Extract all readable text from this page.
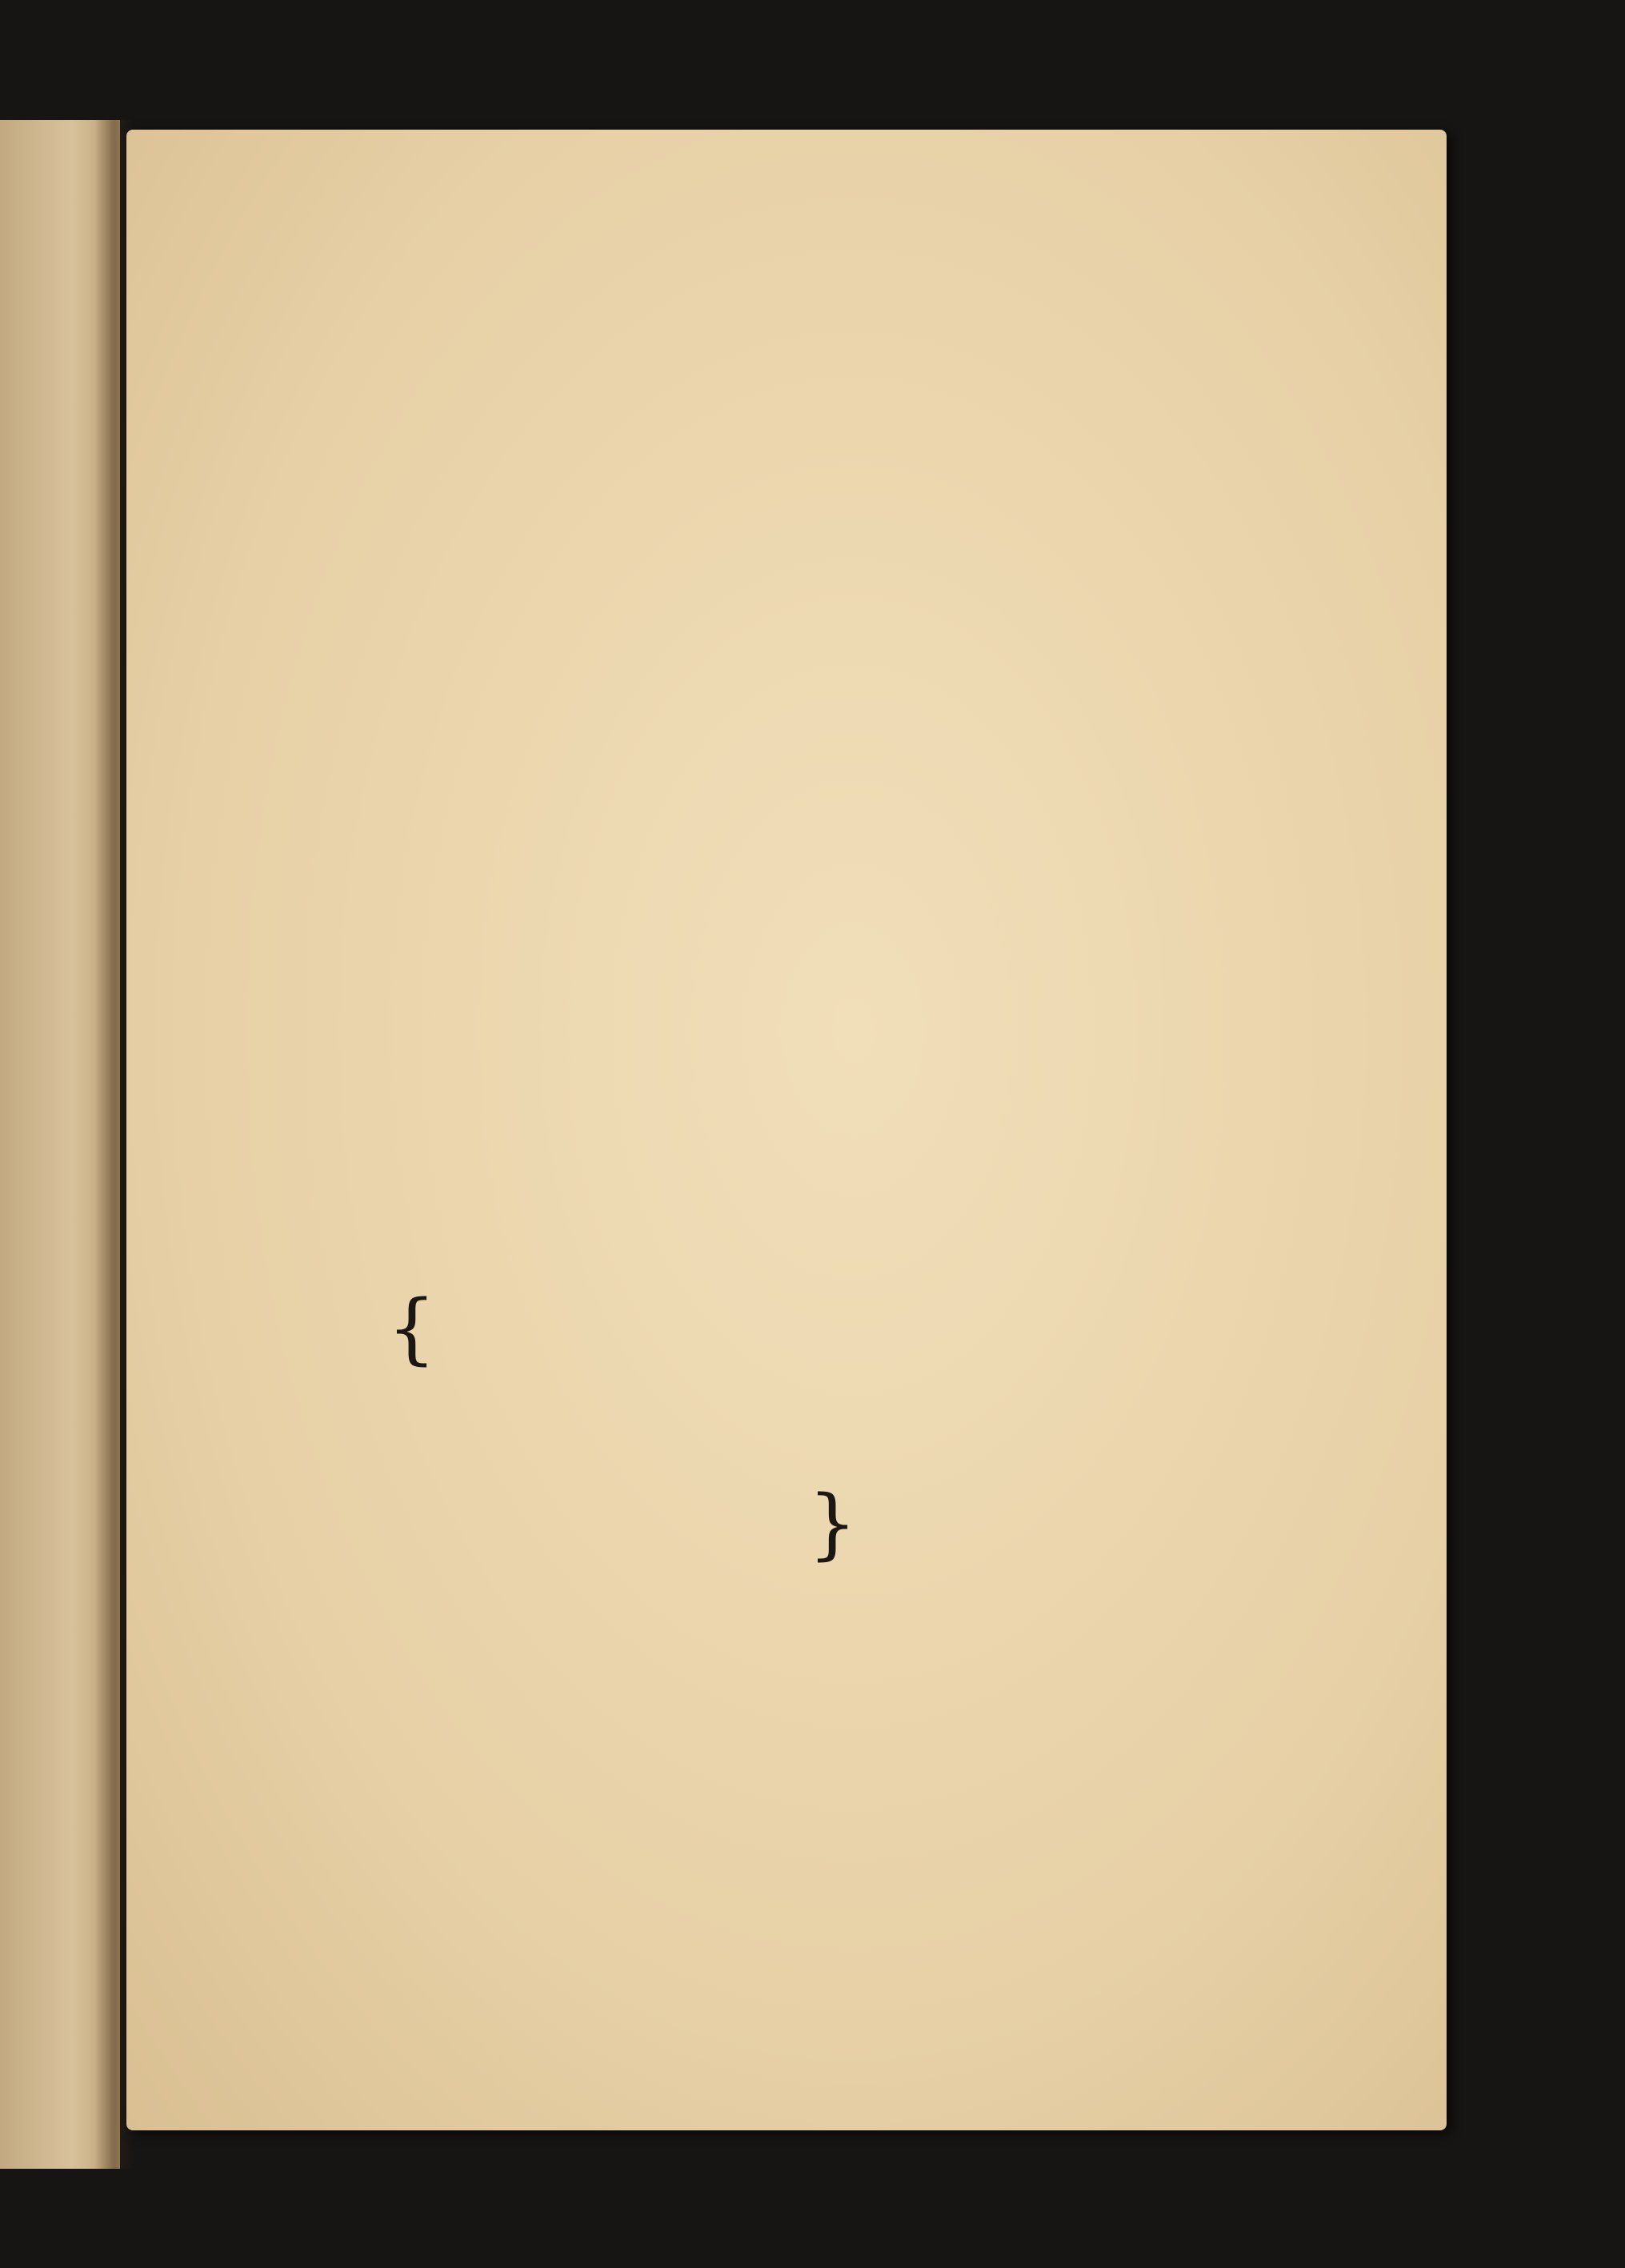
{
}
